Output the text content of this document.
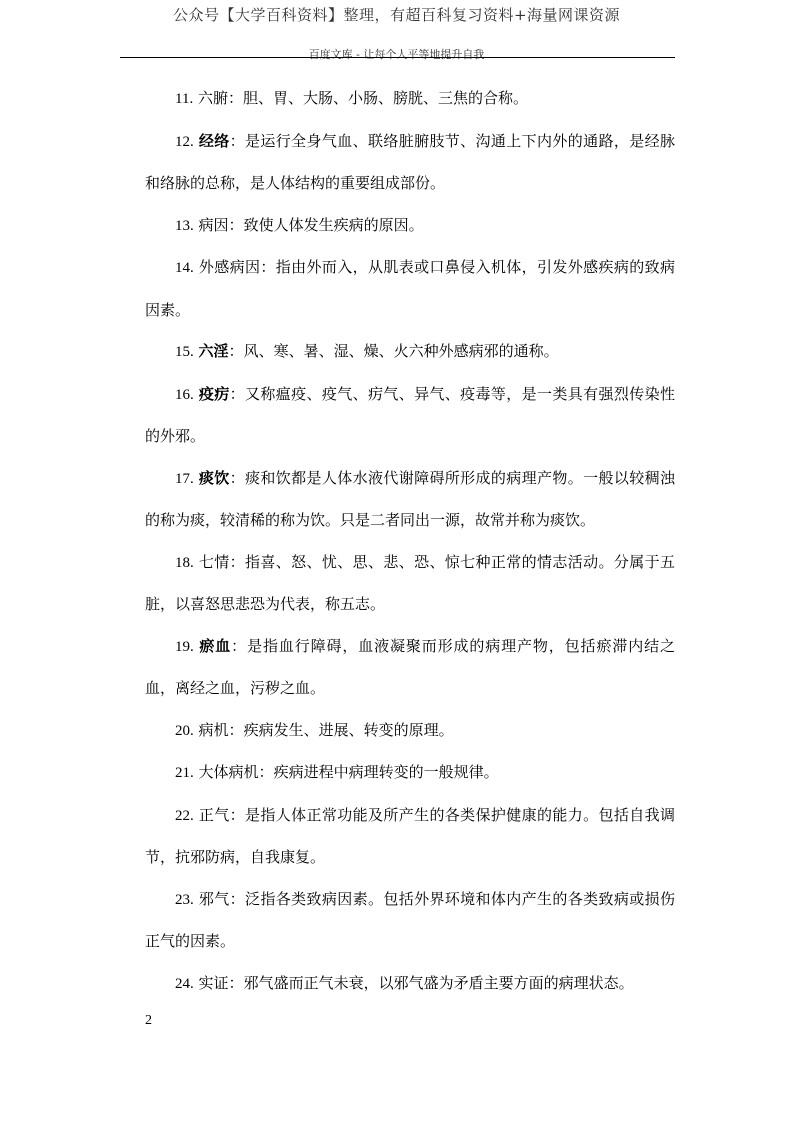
公众号【大学百科资料】整理，有超百科复习资料+海量网课资源
百度文库 - 让每个人平等地提升自我

11. 六腑：胆、胃、大肠、小肠、膀胱、三焦的合称。

12. 经络：是运行全身气血、联络脏腑肢节、沟通上下内外的通路，是经脉和络脉的总称，是人体结构的重要组成部份。

13. 病因：致使人体发生疾病的原因。

14. 外感病因：指由外而入，从肌表或口鼻侵入机体，引发外感疾病的致病因素。

15. 六淫：风、寒、暑、湿、燥、火六种外感病邪的通称。

16. 疫疠：又称瘟疫、疫气、疠气、异气、疫毒等，是一类具有强烈传染性的外邪。

17. 痰饮：痰和饮都是人体水液代谢障碍所形成的病理产物。一般以较稠浊的称为痰，较清稀的称为饮。只是二者同出一源，故常并称为痰饮。

18. 七情：指喜、怒、忧、思、悲、恐、惊七种正常的情志活动。分属于五脏，以喜怒思悲恐为代表，称五志。

19. 瘀血：是指血行障碍，血液凝聚而形成的病理产物，包括瘀滞内结之血，离经之血，污秽之血。

20. 病机：疾病发生、进展、转变的原理。

21. 大体病机：疾病进程中病理转变的一般规律。

22. 正气：是指人体正常功能及所产生的各类保护健康的能力。包括自我调节，抗邪防病，自我康复。

23. 邪气：泛指各类致病因素。包括外界环境和体内产生的各类致病或损伤正气的因素。

24. 实证：邪气盛而正气未衰，以邪气盛为矛盾主要方面的病理状态。

2
